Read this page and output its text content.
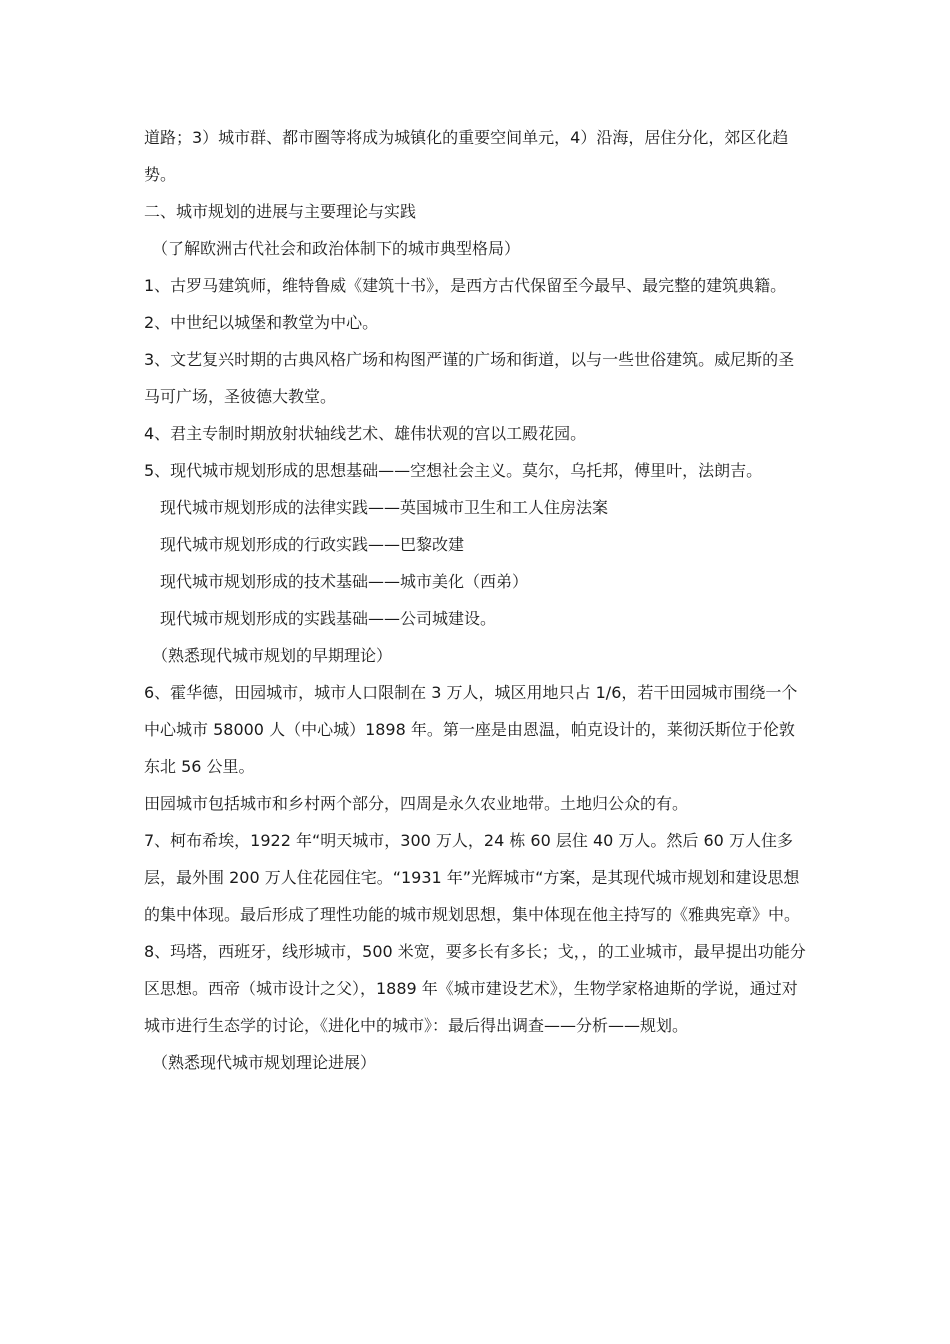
道路；3）城市群、都市圈等将成为城镇化的重要空间单元，4）沿海，居住分化，郊区化趋势。

二、城市规划的进展与主要理论与实践

（了解欧洲古代社会和政治体制下的城市典型格局）

1、古罗马建筑师，维特鲁威《建筑十书》，是西方古代保留至今最早、最完整的建筑典籍。

2、中世纪以城堡和教堂为中心。

3、文艺复兴时期的古典风格广场和构图严谨的广场和街道，以与一些世俗建筑。威尼斯的圣马可广场，圣彼德大教堂。

4、君主专制时期放射状轴线艺术、雄伟状观的宫以工殿花园。

5、现代城市规划形成的思想基础——空想社会主义。莫尔，乌托邦，傅里叶，法朗吉。

现代城市规划形成的法律实践——英国城市卫生和工人住房法案

现代城市规划形成的行政实践——巴黎改建

现代城市规划形成的技术基础——城市美化（西弟）

现代城市规划形成的实践基础——公司城建设。

（熟悉现代城市规划的早期理论）

6、霍华德，田园城市，城市人口限制在 3 万人，城区用地只占 1/6，若干田园城市围绕一个中心城市 58000 人（中心城）1898 年。第一座是由恩温，帕克设计的，莱彻沃斯位于伦敦东北 56 公里。

田园城市包括城市和乡村两个部分，四周是永久农业地带。土地归公众的有。

7、柯布希埃，1922 年“明天城市，300 万人，24 栋 60 层住 40 万人。然后 60 万人住多层，最外围 200 万人住花园住宅。“1931 年”光辉城市“方案，是其现代城市规划和建设思想的集中体现。最后形成了理性功能的城市规划思想，集中体现在他主持写的《雅典宪章》中。

8、玛塔，西班牙，线形城市，500 米宽，要多长有多长；戈，，的工业城市，最早提出功能分区思想。西帝（城市设计之父），1889 年《城市建设艺术》，生物学家格迪斯的学说，通过对城市进行生态学的讨论，《进化中的城市》：最后得出调查——分析——规划。

（熟悉现代城市规划理论进展）
